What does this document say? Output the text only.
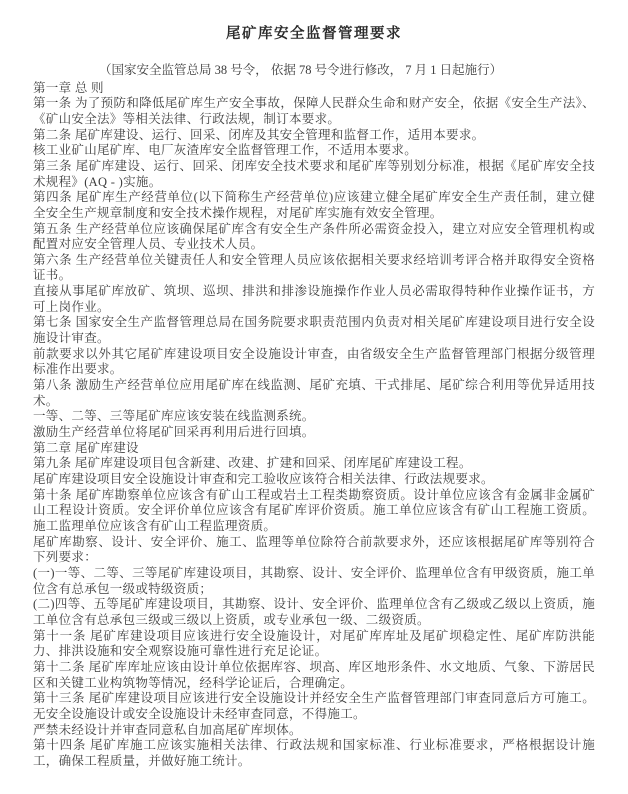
尾矿库安全监督管理要求

（国家安全监管总局 38 号令， 依据 78 号令进行修改， 7 月 1 日起施行）

第一章 总 则

第一条 为了预防和降低尾矿库生产安全事故，保障人民群众生命和财产安全，依据《安全生产法》、《矿山安全法》等相关法律、行政法规，制订本要求。

第二条 尾矿库建设、运行、回采、闭库及其安全管理和监督工作，适用本要求。

核工业矿山尾矿库、电厂灰渣库安全监督管理工作，不适用本要求。

第三条 尾矿库建设、运行、回采、闭库安全技术要求和尾矿库等别划分标准，根据《尾矿库安全技术规程》(AQ - )实施。

第四条 尾矿库生产经营单位(以下简称生产经营单位)应该建立健全尾矿库安全生产责任制，建立健全安全生产规章制度和安全技术操作规程，对尾矿库实施有效安全管理。

第五条 生产经营单位应该确保尾矿库含有安全生产条件所必需资金投入，建立对应安全管理机构或配置对应安全管理人员、专业技术人员。

第六条 生产经营单位关键责任人和安全管理人员应该依据相关要求经培训考评合格并取得安全资格证书。

直接从事尾矿库放矿、筑坝、巡坝、排洪和排渗设施操作作业人员必需取得特种作业操作证书，方可上岗作业。

第七条 国家安全生产监督管理总局在国务院要求职责范围内负责对相关尾矿库建设项目进行安全设施设计审查。

前款要求以外其它尾矿库建设项目安全设施设计审查，由省级安全生产监督管理部门根据分级管理标准作出要求。

第八条 激励生产经营单位应用尾矿库在线监测、尾矿充填、干式排尾、尾矿综合利用等优异适用技术。

一等、二等、三等尾矿库应该安装在线监测系统。

激励生产经营单位将尾矿回采再利用后进行回填。

第二章 尾矿库建设

第九条 尾矿库建设项目包含新建、改建、扩建和回采、闭库尾矿库建设工程。

尾矿库建设项目安全设施设计审查和完工验收应该符合相关法律、行政法规要求。

第十条 尾矿库勘察单位应该含有矿山工程或岩土工程类勘察资质。设计单位应该含有金属非金属矿山工程设计资质。安全评价单位应该含有尾矿库评价资质。施工单位应该含有矿山工程施工资质。施工监理单位应该含有矿山工程监理资质。

尾矿库勘察、设计、安全评价、施工、监理等单位除符合前款要求外，还应该根据尾矿库等别符合下列要求：

(一)一等、二等、三等尾矿库建设项目，其勘察、设计、安全评价、监理单位含有甲级资质，施工单位含有总承包一级或特级资质；

(二)四等、五等尾矿库建设项目，其勘察、设计、安全评价、监理单位含有乙级或乙级以上资质，施工单位含有总承包三级或三级以上资质，或专业承包一级、二级资质。

第十一条 尾矿库建设项目应该进行安全设施设计，对尾矿库库址及尾矿坝稳定性、尾矿库防洪能力、排洪设施和安全观察设施可靠性进行充足论证。

第十二条 尾矿库库址应该由设计单位依据库容、坝高、库区地形条件、水文地质、气象、下游居民区和关键工业构筑物等情况，经科学论证后，合理确定。

第十三条 尾矿库建设项目应该进行安全设施设计并经安全生产监督管理部门审查同意后方可施工。无安全设施设计或安全设施设计未经审查同意，不得施工。

严禁未经设计并审查同意私自加高尾矿库坝体。

第十四条 尾矿库施工应该实施相关法律、行政法规和国家标准、行业标准要求，严格根据设计施工，确保工程质量，并做好施工统计。
